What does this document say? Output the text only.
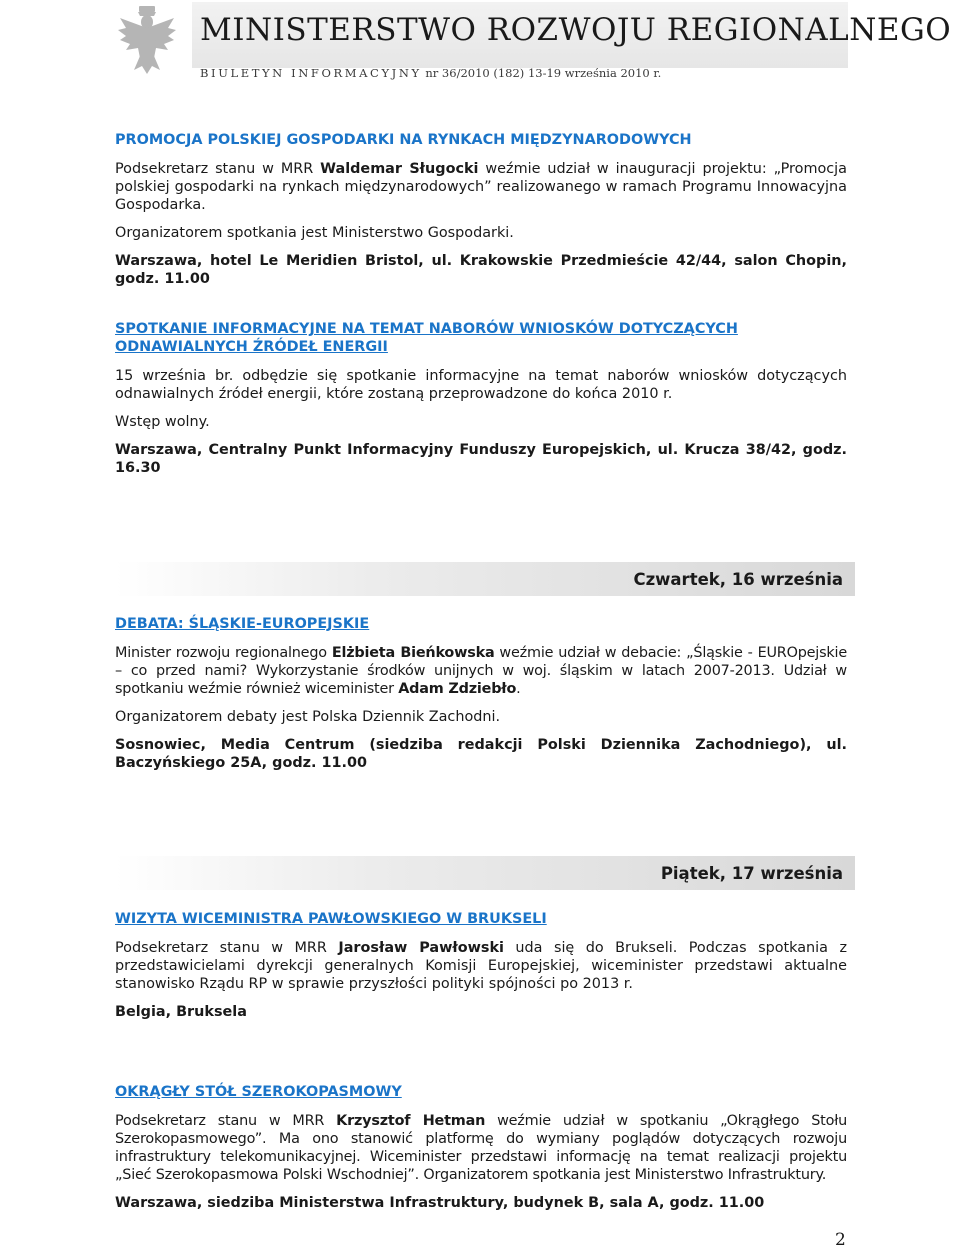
MINISTERSTWO ROZWOJU REGIONALNEGO
BIULETYN INFORMACYJNY nr 36/2010 (182) 13-19 września 2010 r.

PROMOCJA POLSKIEJ GOSPODARKI NA RYNKACH MIĘDZYNARODOWYCH

Podsekretarz stanu w MRR Waldemar Sługocki weźmie udział w inauguracji projektu: „Promocja polskiej gospodarki na rynkach międzynarodowych” realizowanego w ramach Programu Innowacyjna Gospodarka.

Organizatorem spotkania jest Ministerstwo Gospodarki.

Warszawa, hotel Le Meridien Bristol, ul. Krakowskie Przedmieście 42/44, salon Chopin, godz. 11.00

SPOTKANIE INFORMACYJNE NA TEMAT NABORÓW WNIOSKÓW DOTYCZĄCYCH ODNAWIALNYCH ŹRÓDEŁ ENERGII

15 września br. odbędzie się spotkanie informacyjne na temat naborów wniosków dotyczących odnawialnych źródeł energii, które zostaną przeprowadzone do końca 2010 r.

Wstęp wolny.

Warszawa, Centralny Punkt Informacyjny Funduszy Europejskich, ul. Krucza 38/42, godz. 16.30

Czwartek, 16 września

DEBATA: ŚLĄSKIE-EUROPEJSKIE

Minister rozwoju regionalnego Elżbieta Bieńkowska weźmie udział w debacie: „Śląskie - EUROpejskie – co przed nami? Wykorzystanie środków unijnych w woj. śląskim w latach 2007-2013. Udział w spotkaniu weźmie również wiceminister Adam Zdziebło.

Organizatorem debaty jest Polska Dziennik Zachodni.

Sosnowiec, Media Centrum (siedziba redakcji Polski Dziennika Zachodniego), ul. Baczyńskiego 25A, godz. 11.00

Piątek, 17 września

WIZYTA WICEMINISTRA PAWŁOWSKIEGO W BRUKSELI

Podsekretarz stanu w MRR Jarosław Pawłowski uda się do Brukseli. Podczas spotkania z przedstawicielami dyrekcji generalnych Komisji Europejskiej, wiceminister przedstawi aktualne stanowisko Rządu RP w sprawie przyszłości polityki spójności po 2013 r.

Belgia, Bruksela

OKRĄGŁY STÓŁ SZEROKOPASMOWY

Podsekretarz stanu w MRR Krzysztof Hetman weźmie udział w spotkaniu „Okrągłego Stołu Szerokopasmowego”. Ma ono stanowić platformę do wymiany poglądów dotyczących rozwoju infrastruktury telekomunikacyjnej. Wiceminister przedstawi informację na temat realizacji projektu „Sieć Szerokopasmowa Polski Wschodniej”. Organizatorem spotkania jest Ministerstwo Infrastruktury.

Warszawa, siedziba Ministerstwa Infrastruktury, budynek B, sala A, godz. 11.00

2
